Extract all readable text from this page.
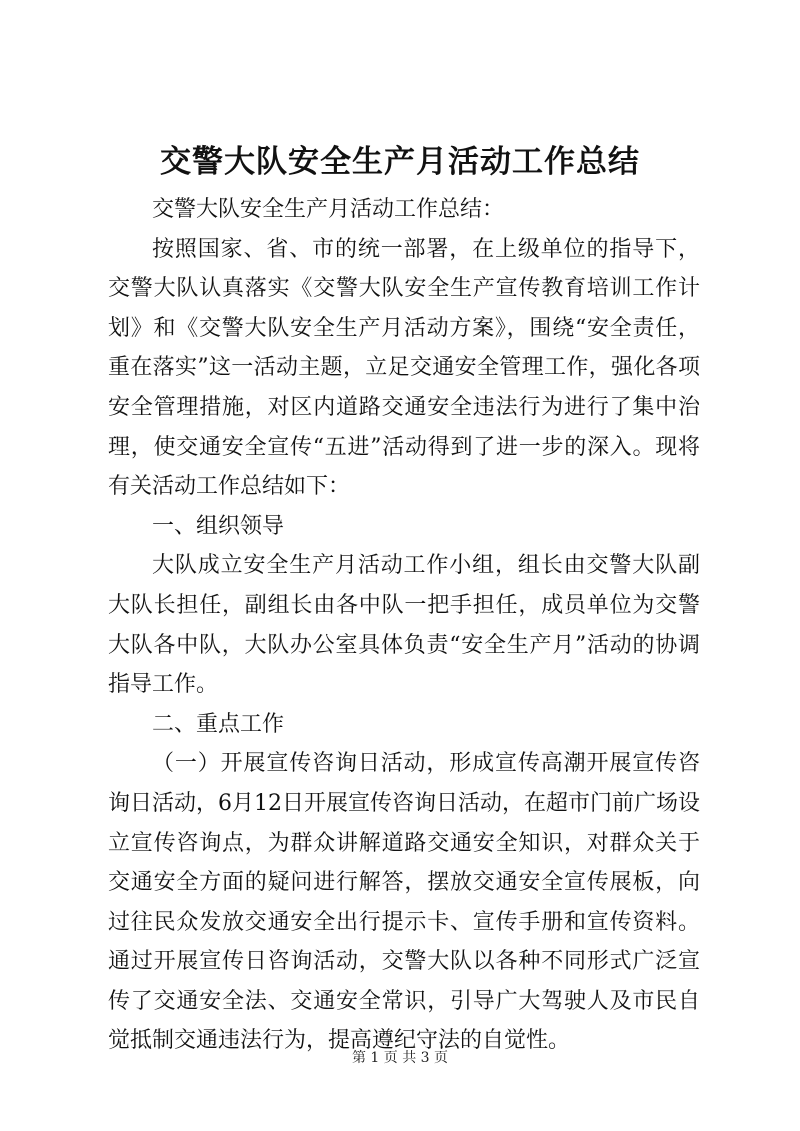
交警大队安全生产月活动工作总结

交警大队安全生产月活动工作总结：

按照国家、省、市的统一部署，在上级单位的指导下，交警大队认真落实《交警大队安全生产宣传教育培训工作计划》和《交警大队安全生产月活动方案》，围绕“安全责任，重在落实”这一活动主题，立足交通安全管理工作，强化各项安全管理措施，对区内道路交通安全违法行为进行了集中治理，使交通安全宣传“五进”活动得到了进一步的深入。现将有关活动工作总结如下：

一、组织领导

大队成立安全生产月活动工作小组，组长由交警大队副大队长担任，副组长由各中队一把手担任，成员单位为交警大队各中队，大队办公室具体负责“安全生产月”活动的协调指导工作。

二、重点工作

（一）开展宣传咨询日活动，形成宣传高潮开展宣传咨询日活动，6月12日开展宣传咨询日活动，在超市门前广场设立宣传咨询点，为群众讲解道路交通安全知识，对群众关于交通安全方面的疑问进行解答，摆放交通安全宣传展板，向过往民众发放交通安全出行提示卡、宣传手册和宣传资料。通过开展宣传日咨询活动，交警大队以各种不同形式广泛宣传了交通安全法、交通安全常识，引导广大驾驶人及市民自觉抵制交通违法行为，提高遵纪守法的自觉性。

第 1 页 共 3 页
